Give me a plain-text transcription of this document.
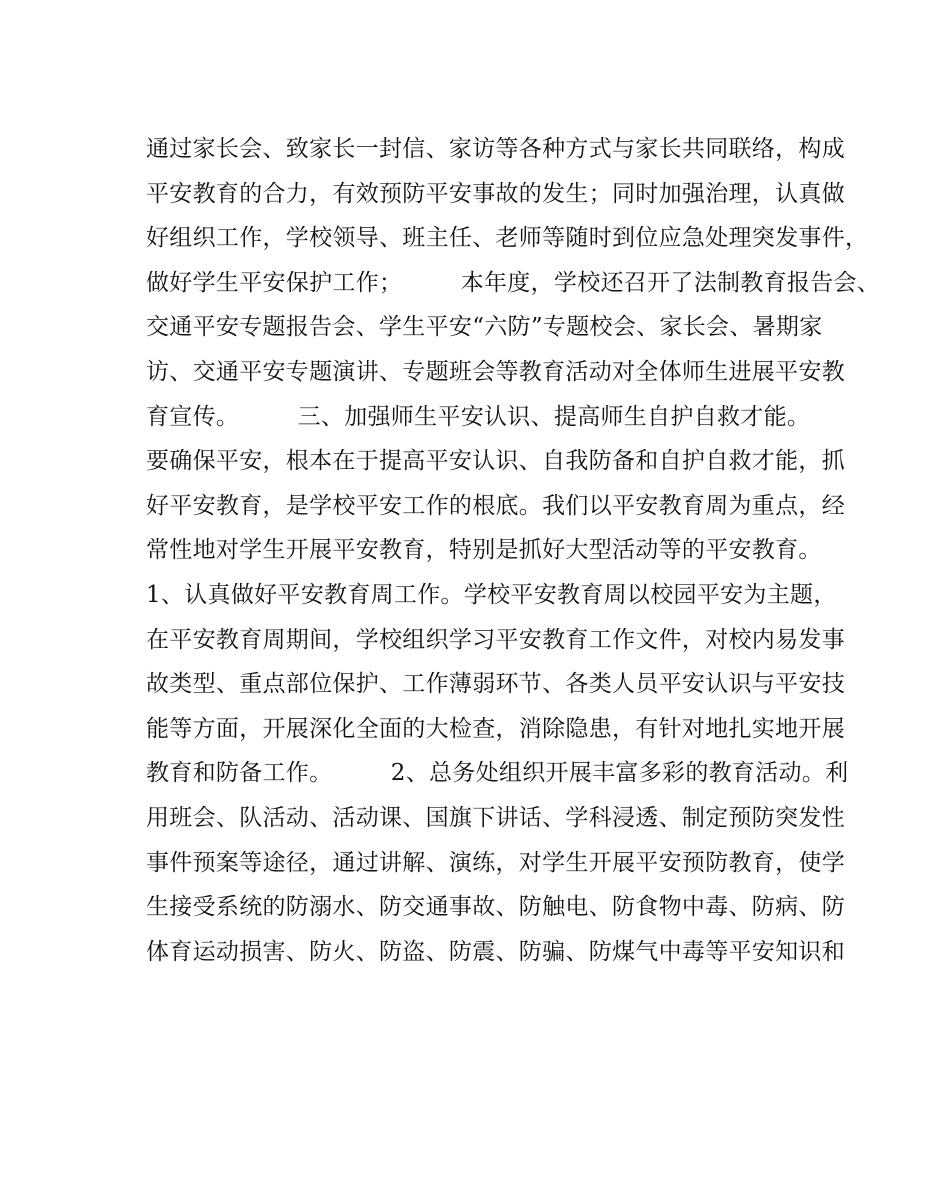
通过家长会、致家长一封信、家访等各种方式与家长共同联络，构成
平安教育的合力，有效预防平安事故的发生；同时加强治理，认真做
好组织工作，学校领导、班主任、老师等随时到位应急处理突发事件，
做好学生平安保护工作；　　　本年度，学校还召开了法制教育报告会、
交通平安专题报告会、学生平安“六防”专题校会、家长会、暑期家
访、交通平安专题演讲、专题班会等教育活动对全体师生进展平安教
育宣传。　　　三、加强师生平安认识、提高师生自护自救才能。
要确保平安，根本在于提高平安认识、自我防备和自护自救才能，抓
好平安教育，是学校平安工作的根底。我们以平安教育周为重点，经
常性地对学生开展平安教育，特别是抓好大型活动等的平安教育。
1、认真做好平安教育周工作。学校平安教育周以校园平安为主题，
在平安教育周期间，学校组织学习平安教育工作文件，对校内易发事
故类型、重点部位保护、工作薄弱环节、各类人员平安认识与平安技
能等方面，开展深化全面的大检查，消除隐患，有针对地扎实地开展
教育和防备工作。　　　2、总务处组织开展丰富多彩的教育活动。利
用班会、队活动、活动课、国旗下讲话、学科浸透、制定预防突发性
事件预案等途径，通过讲解、演练，对学生开展平安预防教育，使学
生接受系统的防溺水、防交通事故、防触电、防食物中毒、防病、防
体育运动损害、防火、防盗、防震、防骗、防煤气中毒等平安知识和
